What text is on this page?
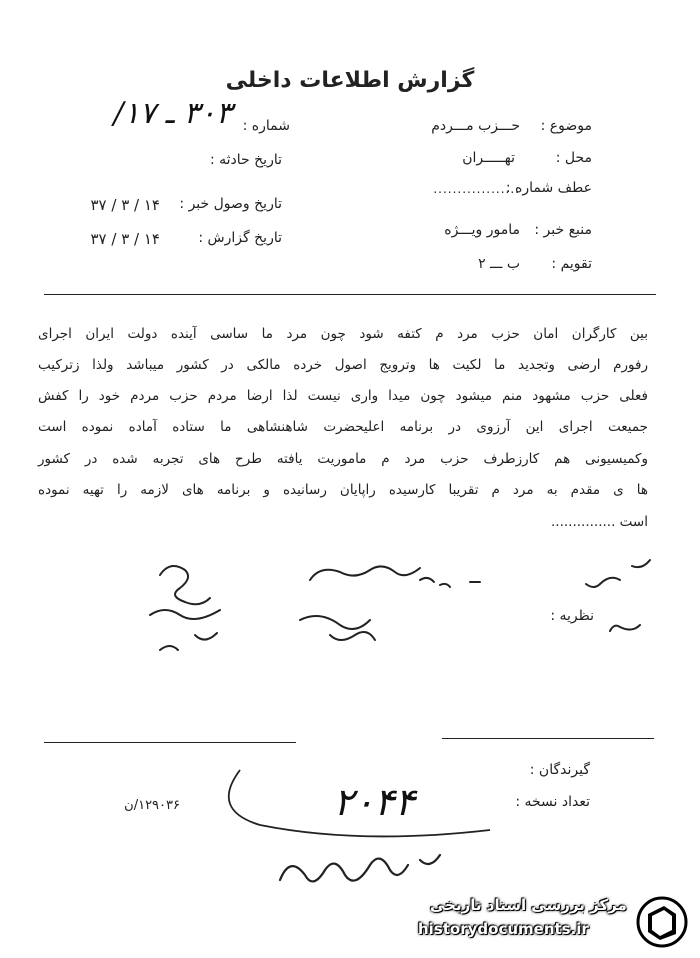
گزارش اطلاعات داخلی
موضوع :
حـــزب مـــردم
محل :
تهـــــران
عطف شماره :
..................
منبع خبر :
مامور ویـــژه
تقویم :
ب ـــ ۲
شماره :
۳۰۳ ـ ۱۷/
تاریخ حادثه :
تاریخ وصول خبر :
۱۴ / ۳ / ۳۷
تاریخ گزارش :
۱۴ / ۳ / ۳۷
بین کارگران امان حزب مرد م کتفه شود چون مرد ما ساسی آینده دولت ایران اجرای
رفورم ارضی وتجدید ما لکیت ها وترویج اصول خرده مالکی در کشور میباشد ولذا زترکیب
فعلی حزب مشهود منم میشود چون میدا واری نیست لذا ارضا مردم حزب مردم خود را کفش
جمیعت اجرای این آرزوی در برنامه اعلیحضرت شاهنشاهی ما ستاده آماده نموده است
وکمیسیونی هم کارزطرف حزب مرد م ماموریت یافته طرح های تجربه شده در کشور
ها ی مقدم به مرد م تقریبا کارسیده راپایان رسانیده و برنامه های لازمه را تهیه نموده
است ...............
نظریه :
گیرندگان :
تعداد نسخه :
۱۲۹۰۳۶/ن	۲۰۴۴
مرکز بررسی اسناد تاریخی
historydocuments.ir
